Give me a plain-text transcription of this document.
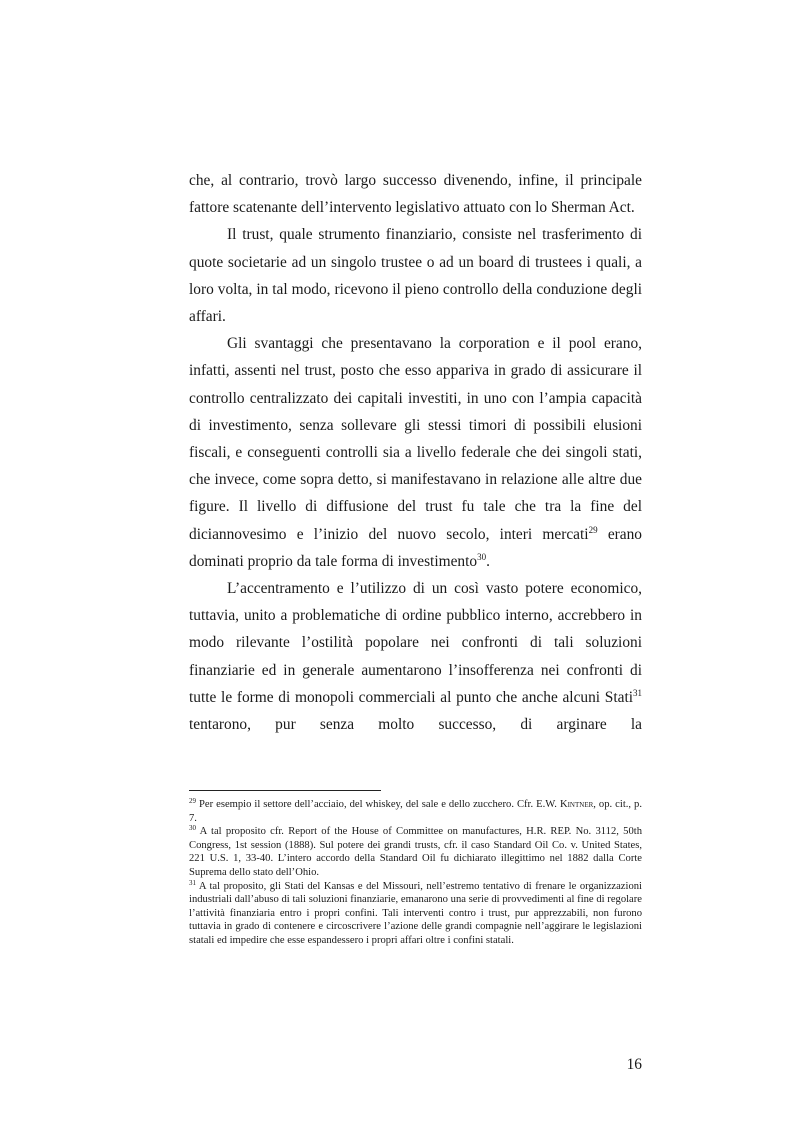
che, al contrario, trovò largo successo divenendo, infine, il principale fattore scatenante dell’intervento legislativo attuato con lo Sherman Act.

Il trust, quale strumento finanziario, consiste nel trasferimento di quote societarie ad un singolo trustee o ad un board di trustees i quali, a loro volta, in tal modo, ricevono il pieno controllo della conduzione degli affari.

Gli svantaggi che presentavano la corporation e il pool erano, infatti, assenti nel trust, posto che esso appariva in grado di assicurare il controllo centralizzato dei capitali investiti, in uno con l’ampia capacità di investimento, senza sollevare gli stessi timori di possibili elusioni fiscali, e conseguenti controlli sia a livello federale che dei singoli stati, che invece, come sopra detto, si manifestavano in relazione alle altre due figure. Il livello di diffusione del trust fu tale che tra la fine del diciannovesimo e l’inizio del nuovo secolo, interi mercati$^{29}$ erano dominati proprio da tale forma di investimento$^{30}$.

L’accentramento e l’utilizzo di un così vasto potere economico, tuttavia, unito a problematiche di ordine pubblico interno, accrebbero in modo rilevante l’ostilità popolare nei confronti di tali soluzioni finanziarie ed in generale aumentarono l’insofferenza nei confronti di tutte le forme di monopoli commerciali al punto che anche alcuni Stati$^{31}$ tentarono, pur senza molto successo, di arginare la

$^{29}$ Per esempio il settore dell’acciaio, del whiskey, del sale e dello zucchero. Cfr. E.W. Kintner, op. cit., p. 7.

$^{30}$ A tal proposito cfr. Report of the House of Committee on manufactures, H.R. REP. No. 3112, 50th Congress, 1st session (1888). Sul potere dei grandi trusts, cfr. il caso Standard Oil Co. v. United States, 221 U.S. 1, 33-40. L’intero accordo della Standard Oil fu dichiarato illegittimo nel 1882 dalla Corte Suprema dello stato dell’Ohio.

$^{31}$ A tal proposito, gli Stati del Kansas e del Missouri, nell’estremo tentativo di frenare le organizzazioni industriali dall’abuso di tali soluzioni finanziarie, emanarono una serie di provvedimenti al fine di regolare l’attività finanziaria entro i propri confini. Tali interventi contro i trust, pur apprezzabili, non furono tuttavia in grado di contenere e circoscrivere l’azione delle grandi compagnie nell’aggirare le legislazioni statali ed impedire che esse espandessero i propri affari oltre i confini statali.

16
